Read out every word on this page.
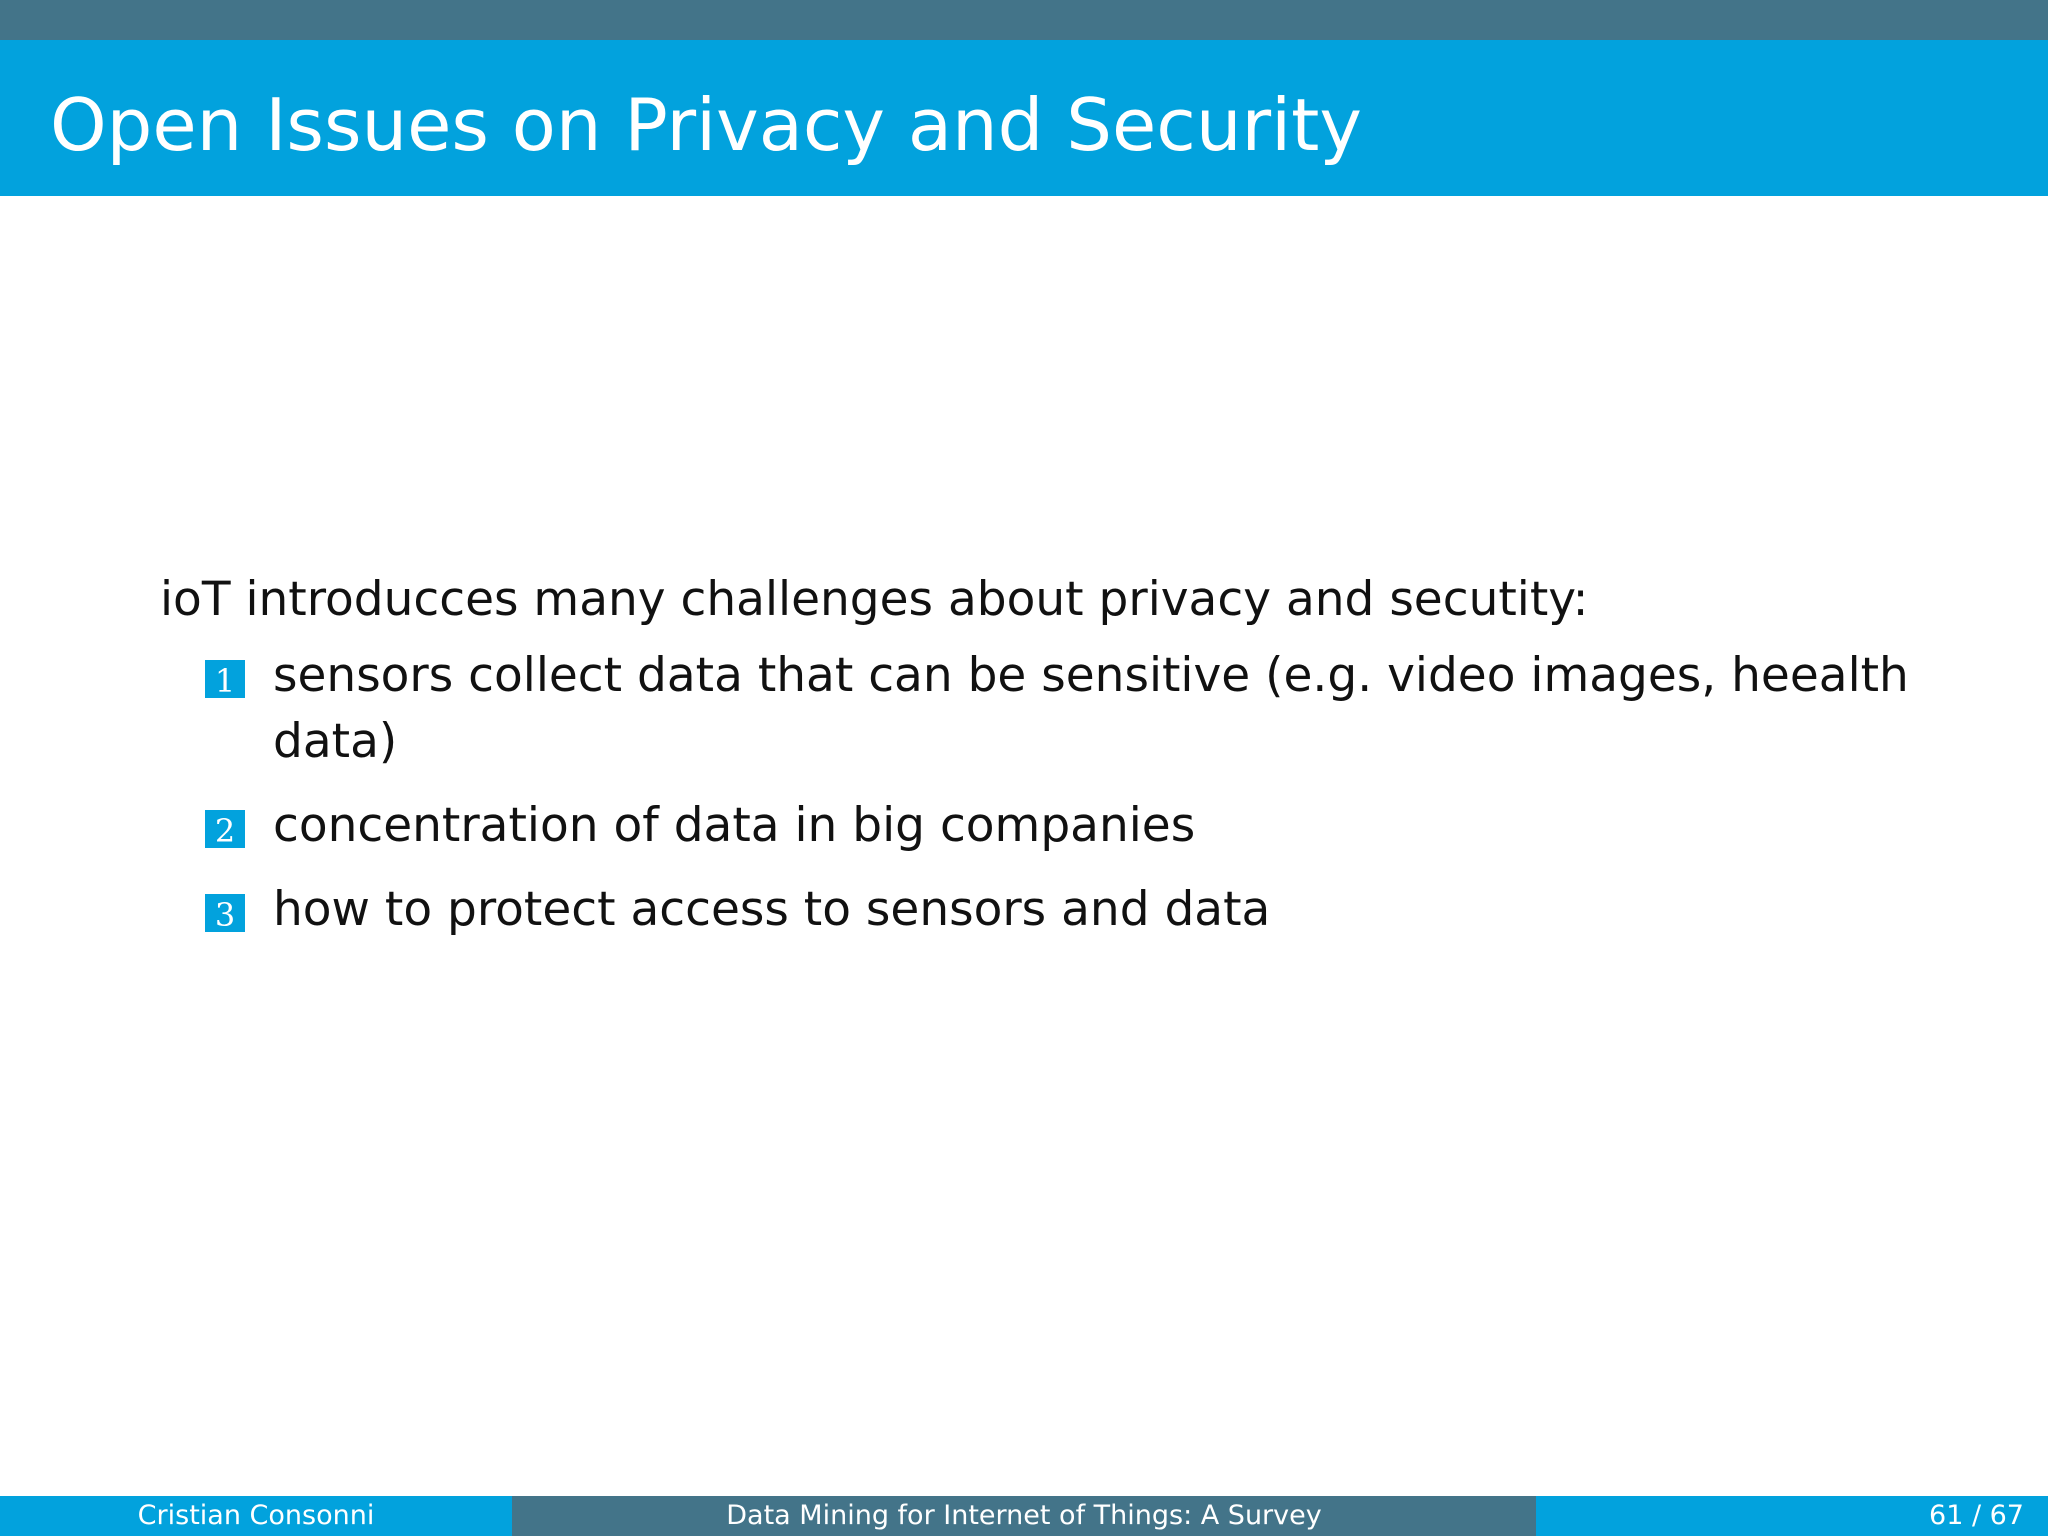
Open Issues on Privacy and Security
ioT introducces many challenges about privacy and secutity:
1 sensors collect data that can be sensitive (e.g. video images, heealth data)
2 concentration of data in big companies
3 how to protect access to sensors and data
Cristian Consonni	Data Mining for Internet of Things: A Survey	61 / 67
